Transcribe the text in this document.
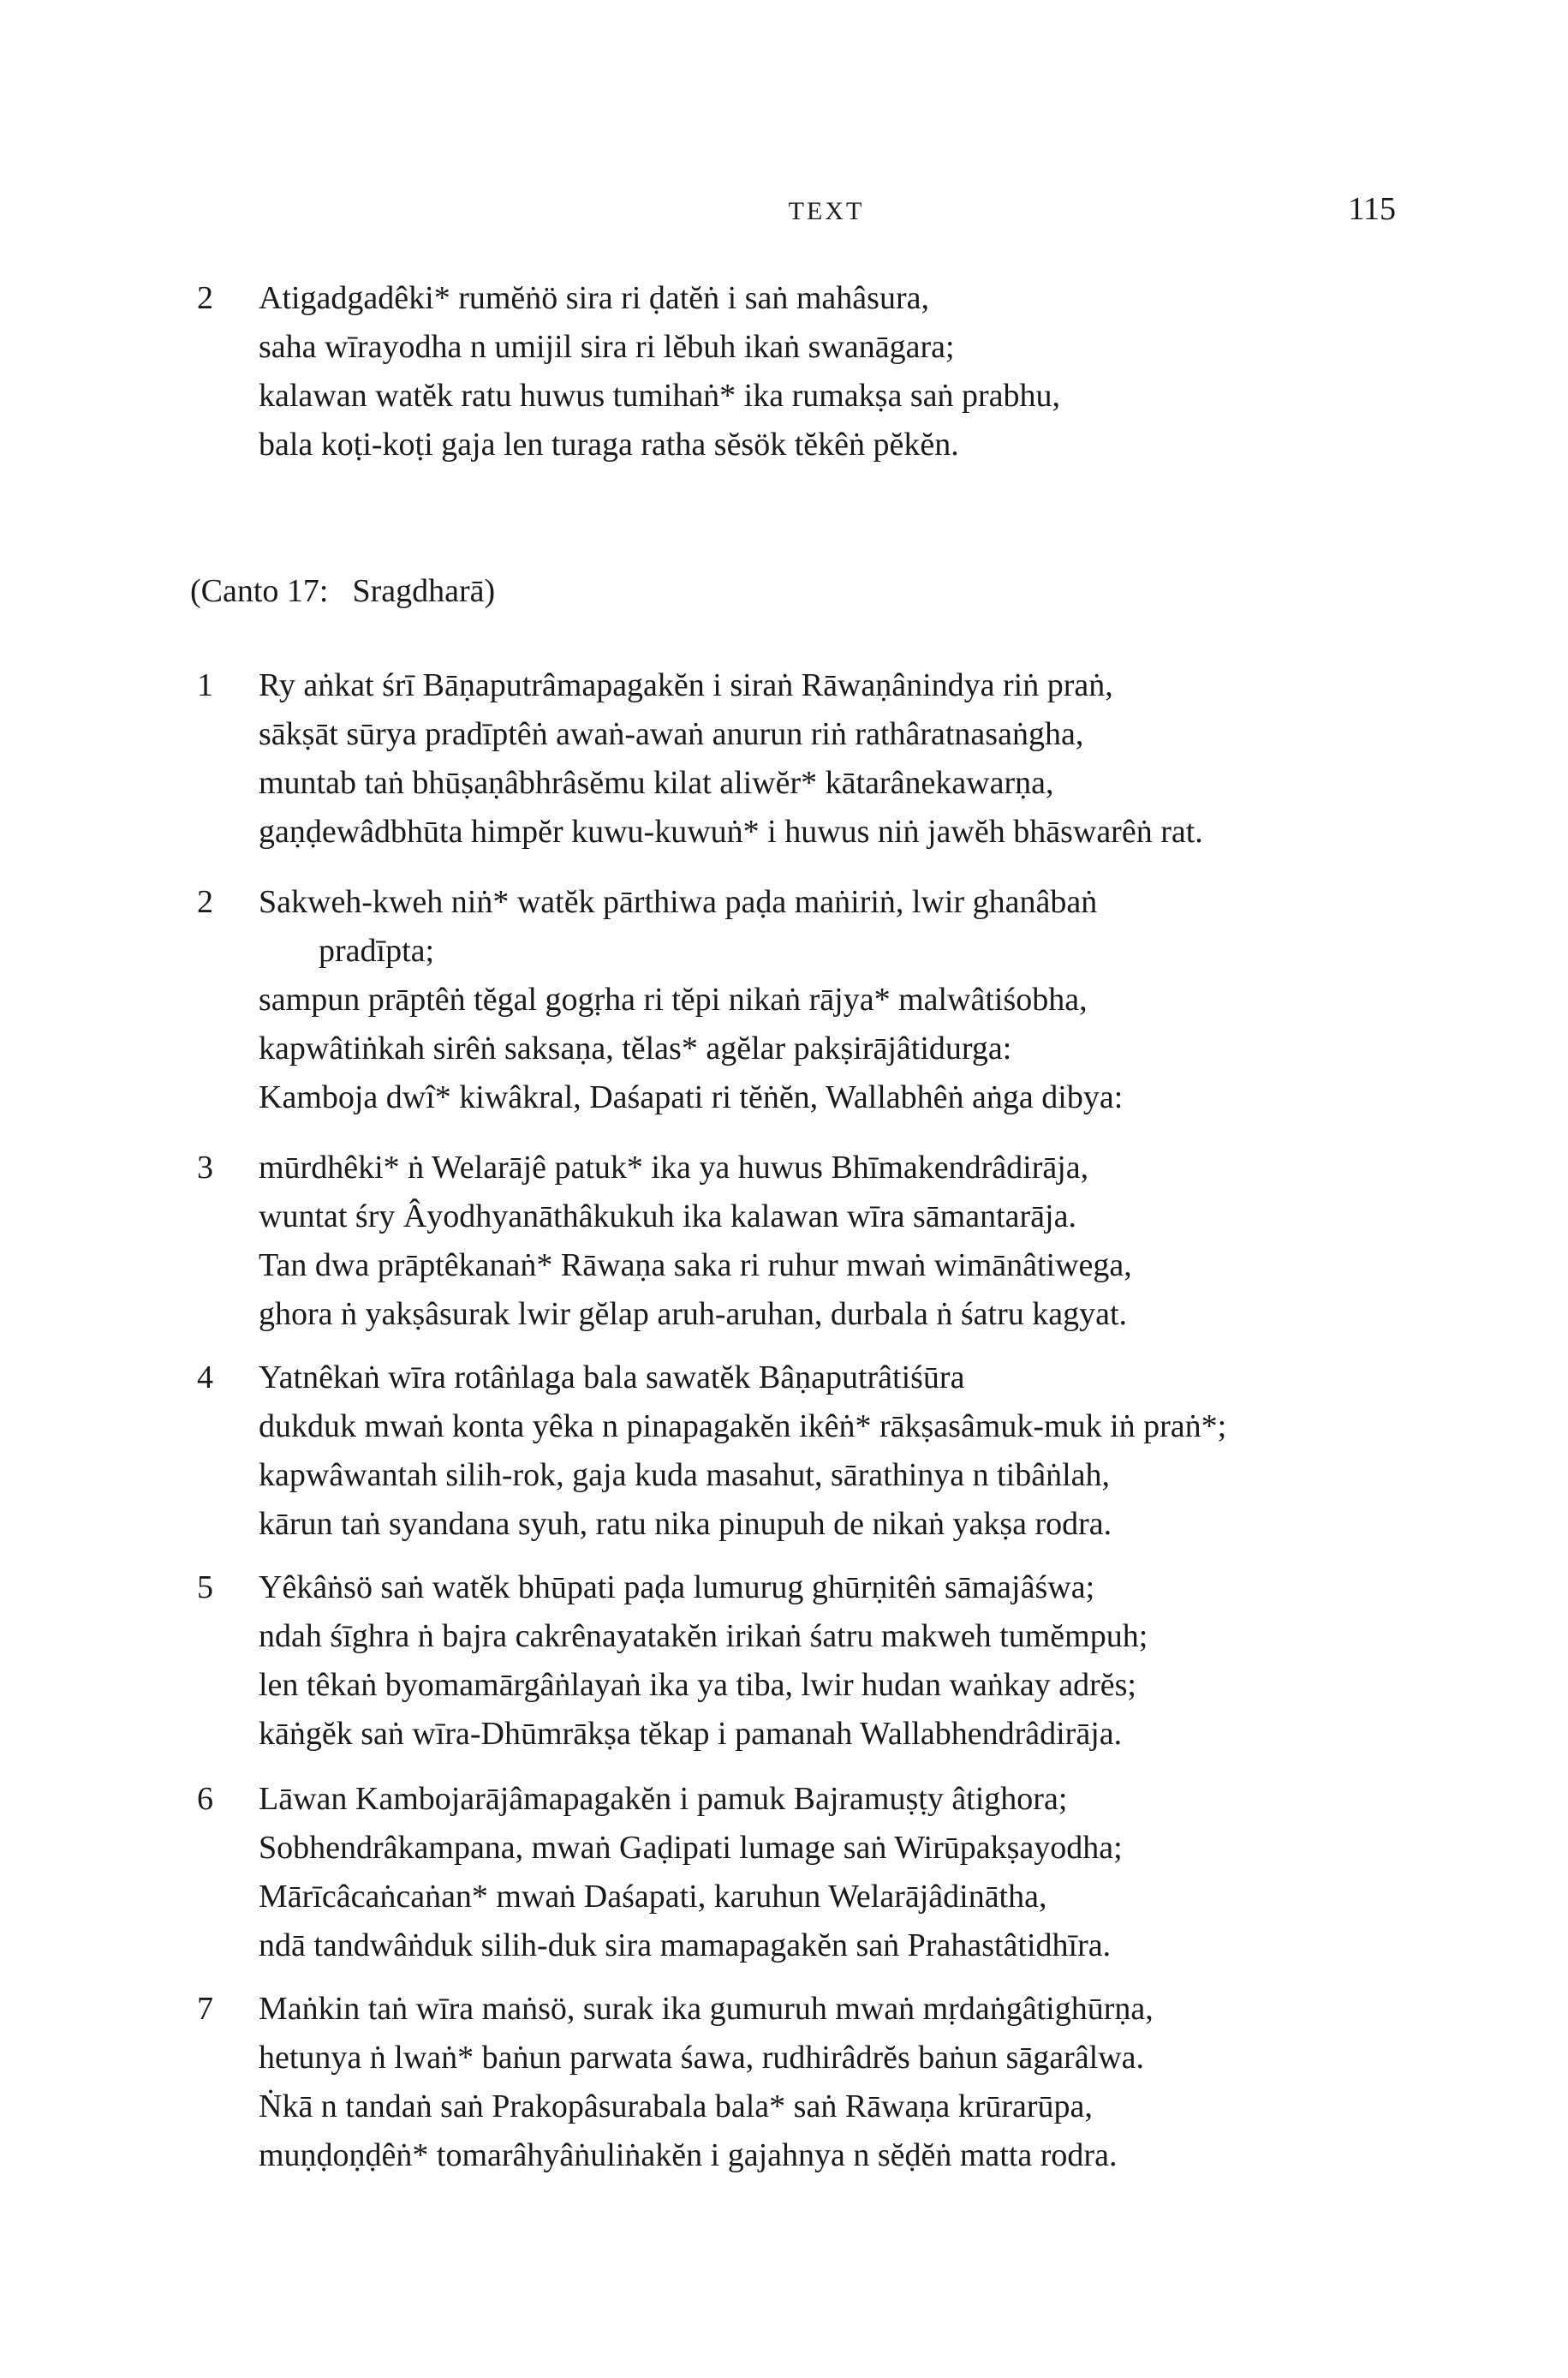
TEXT	115
2 Atigadgadêki* rumĕṅö sira ri ḍatĕṅ i saṅ mahâsura,
saha wīrayodha n umijil sira ri lĕbuh ikaṅ swanāgara;
kalawan watĕk ratu huwus tumihaṅ* ika rumakṣa saṅ prabhu,
bala koṭi-koṭi gaja len turaga ratha sĕsök tĕkêṅ pĕkĕn.
(Canto 17: Sragdharā)
1 Ry aṅkat śrī Bāṇaputrâmapagakĕn i siraṅ Rāwaṇânindya riṅ praṅ,
sākṣāt sūrya pradīptêṅ awaṅ-awaṅ anurun riṅ rathâratnasaṅgha,
muntab taṅ bhūṣaṇâbhrâsĕmu kilat aliwĕr* kātarânekawarṇa,
gaṇḍewâdbhūta himpĕr kuwu-kuwuṅ* i huwus niṅ jawĕh bhāswarêṅ rat.
2 Sakweh-kweh niṅ* watĕk pārthiwa paḍa maṅiriṅ, lwir ghanâbaṅ
pradīpta;
sampun prāptêṅ tĕgal gogṛha ri tĕpi nikaṅ rājya* malwâtiśobha,
kapwâtiṅkah sirêṅ saksaṇa, tĕlas* agĕlar pakṣirājâtidurga:
Kamboja dwî* kiwâkral, Daśapati ri tĕṅĕn, Wallabhêṅ aṅga dibya:
3 mūrdhêki* ṅ Welarājê patuk* ika ya huwus Bhīmakendrâdirāja,
wuntat śry Âyodhyanāthâkukuh ika kalawan wīra sāmantarāja.
Tan dwa prāptêkanaṅ* Rāwaṇa saka ri ruhur mwaṅ wimānâtiwega,
ghora ṅ yakṣâsurak lwir gĕlap aruh-aruhan, durbala ṅ śatru kagyat.
4 Yatnêkaṅ wīra rotâṅlaga bala sawatĕk Bâṇaputrâtiśūra
dukduk mwaṅ konta yêka n pinapagakĕn ikêṅ* rākṣasâmuk-muk iṅ praṅ*;
kapwâwantah silih-rok, gaja kuda masahut, sārathinya n tibâṅlah,
kārun taṅ syandana syuh, ratu nika pinupuh de nikaṅ yakṣa rodra.
5 Yêkâṅsö saṅ watĕk bhūpati paḍa lumurug ghūrṇitêṅ sāmajâśwa;
ndah śīghra ṅ bajra cakrênayatakĕn irikaṅ śatru makweh tumĕmpuh;
len têkaṅ byomamārgâṅlayaṅ ika ya tiba, lwir hudan waṅkay adrĕs;
kāṅgĕk saṅ wīra-Dhūmrākṣa tĕkap i pamanah Wallabhendrâdirāja.
6 Lāwan Kambojarājâmapagakĕn i pamuk Bajramuṣṭy âtighora;
Sobhendrâkampana, mwaṅ Gaḍipati lumage saṅ Wirūpakṣayodha;
Mārīcâcaṅcaṅan* mwaṅ Daśapati, karuhun Welarājâdinātha,
ndā tandwâṅduk silih-duk sira mamapagakĕn saṅ Prahastâtidhīra.
7 Maṅkin taṅ wīra maṅsö, surak ika gumuruh mwaṅ mṛdaṅgâtighūrṇa,
hetunya ṅ lwaṅ* baṅun parwata śawa, rudhirâdrĕs baṅun sāgarâlwa.
Ṅkā n tandaṅ saṅ Prakopâsurabala bala* saṅ Rāwaṇa krūrarūpa,
muṇḍoṇḍêṅ* tomarâhyâṅuliṅakĕn i gajahnya n sĕḍĕṅ matta rodra.
